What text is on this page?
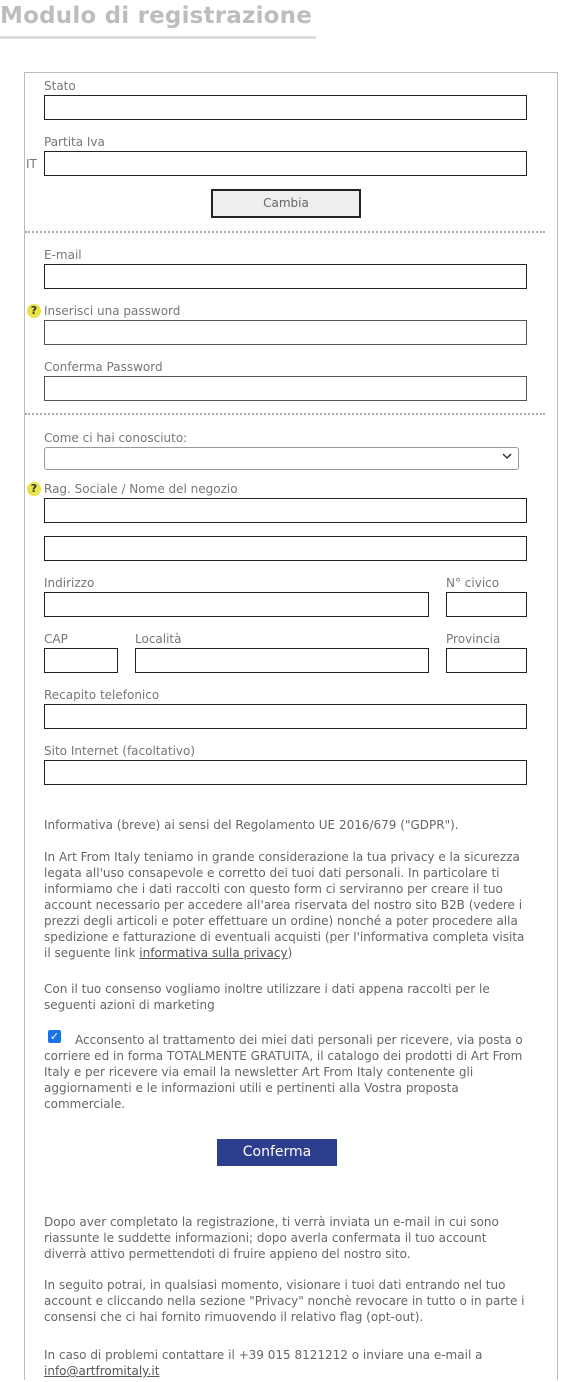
Modulo di registrazione
Stato
Partita Iva
IT
Cambia
E-mail
? Inserisci una password
Conferma Password
Come ci hai conosciuto:
? Rag. Sociale / Nome del negozio
Indirizzo	N° civico
CAP	Località	Provincia
Recapito telefonico
Sito Internet (facoltativo)
Informativa (breve) ai sensi del Regolamento UE 2016/679 ("GDPR").
In Art From Italy teniamo in grande considerazione la tua privacy e la sicurezza legata all'uso consapevole e corretto dei tuoi dati personali. In particolare ti informiamo che i dati raccolti con questo form ci serviranno per creare il tuo account necessario per accedere all'area riservata del nostro sito B2B (vedere i prezzi degli articoli e poter effettuare un ordine) nonché a poter procedere alla spedizione e fatturazione di eventuali acquisti (per l'informativa completa visita il seguente link informativa sulla privacy)
Con il tuo consenso vogliamo inoltre utilizzare i dati appena raccolti per le seguenti azioni di marketing
✓	Acconsento al trattamento dei miei dati personali per ricevere, via posta o corriere ed in forma TOTALMENTE GRATUITA, il catalogo dei prodotti di Art From Italy e per ricevere via email la newsletter Art From Italy contenente gli aggiornamenti e le informazioni utili e pertinenti alla Vostra proposta commerciale.
Conferma
Dopo aver completato la registrazione, ti verrà inviata un e-mail in cui sono riassunte le suddette informazioni; dopo averla confermata il tuo account diverrà attivo permettendoti di fruire appieno del nostro sito.
In seguito potrai, in qualsiasi momento, visionare i tuoi dati entrando nel tuo account e cliccando nella sezione "Privacy" nonchè revocare in tutto o in parte i consensi che ci hai fornito rimuovendo il relativo flag (opt-out).
In caso di problemi contattare il +39 015 8121212 o inviare una e-mail a info@artfromitaly.it
